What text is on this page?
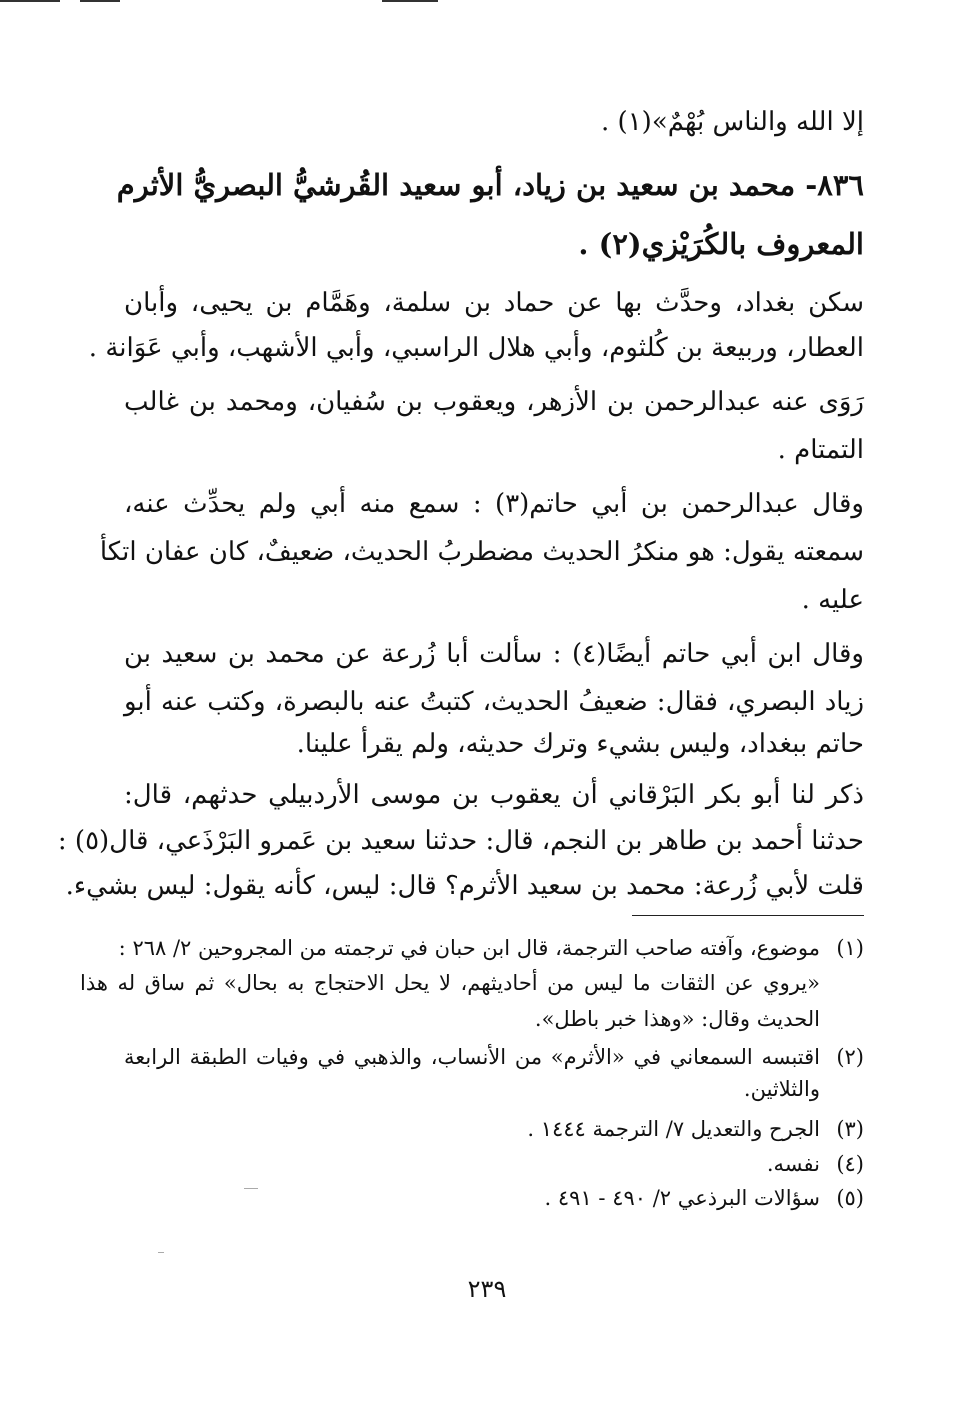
إلا الله والناس بُهْمٌ»(١) .
٨٣٦- محمد بن سعيد بن زياد، أبو سعيد القُرشيُّ البصريُّ الأثرم
المعروف بالكُرَيْزي(٢) .
سكن بغداد، وحدَّث بها عن حماد بن سلمة، وهَمَّام بن يحيى، وأبان
العطار، وربيعة بن كُلثوم، وأبي هلال الراسبي، وأبي الأشهب، وأبي عَوَانة .
رَوَى عنه عبدالرحمن بن الأزهر، ويعقوب بن سُفيان، ومحمد بن غالب
التمتام .
وقال عبدالرحمن بن أبي حاتم(٣) : سمع منه أبي ولم يحدِّث عنه،
سمعته يقول: هو منكرُ الحديث مضطربُ الحديث، ضعيفٌ، كان عفان اتكأ
عليه .
وقال ابن أبي حاتم أيضًا(٤) : سألت أبا زُرعة عن محمد بن سعيد بن
زياد البصري، فقال: ضعيفُ الحديث، كتبتُ عنه بالبصرة، وكتب عنه أبو
حاتم ببغداد، وليس بشيء وترك حديثه، ولم يقرأ علينا.
ذكر لنا أبو بكر البَرْقاني أن يعقوب بن موسى الأردبيلي حدثهم، قال:
حدثنا أحمد بن طاهر بن النجم، قال: حدثنا سعيد بن عَمرو البَرْذَعي، قال(٥) :
قلت لأبي زُرعة: محمد بن سعيد الأثرم؟ قال: ليس، كأنه يقول: ليس بشيء.
(١)موضوع، وآفته صاحب الترجمة، قال ابن حبان في ترجمته من المجروحين ٢/ ٢٦٨ :
«يروي عن الثقات ما ليس من أحاديثهم، لا يحل الاحتجاج به بحال» ثم ساق له هذا
الحديث وقال: «وهذا خبر باطل».
(٢)اقتبسه السمعاني في «الأثرم» من الأنساب، والذهبي في وفيات الطبقة الرابعة
والثلاثين.
(٣)الجرح والتعديل ٧/ الترجمة ١٤٤٤ .
(٤)نفسه.
(٥)سؤالات البرذعي ٢/ ٤٩٠ - ٤٩١ .
٢٣٩
